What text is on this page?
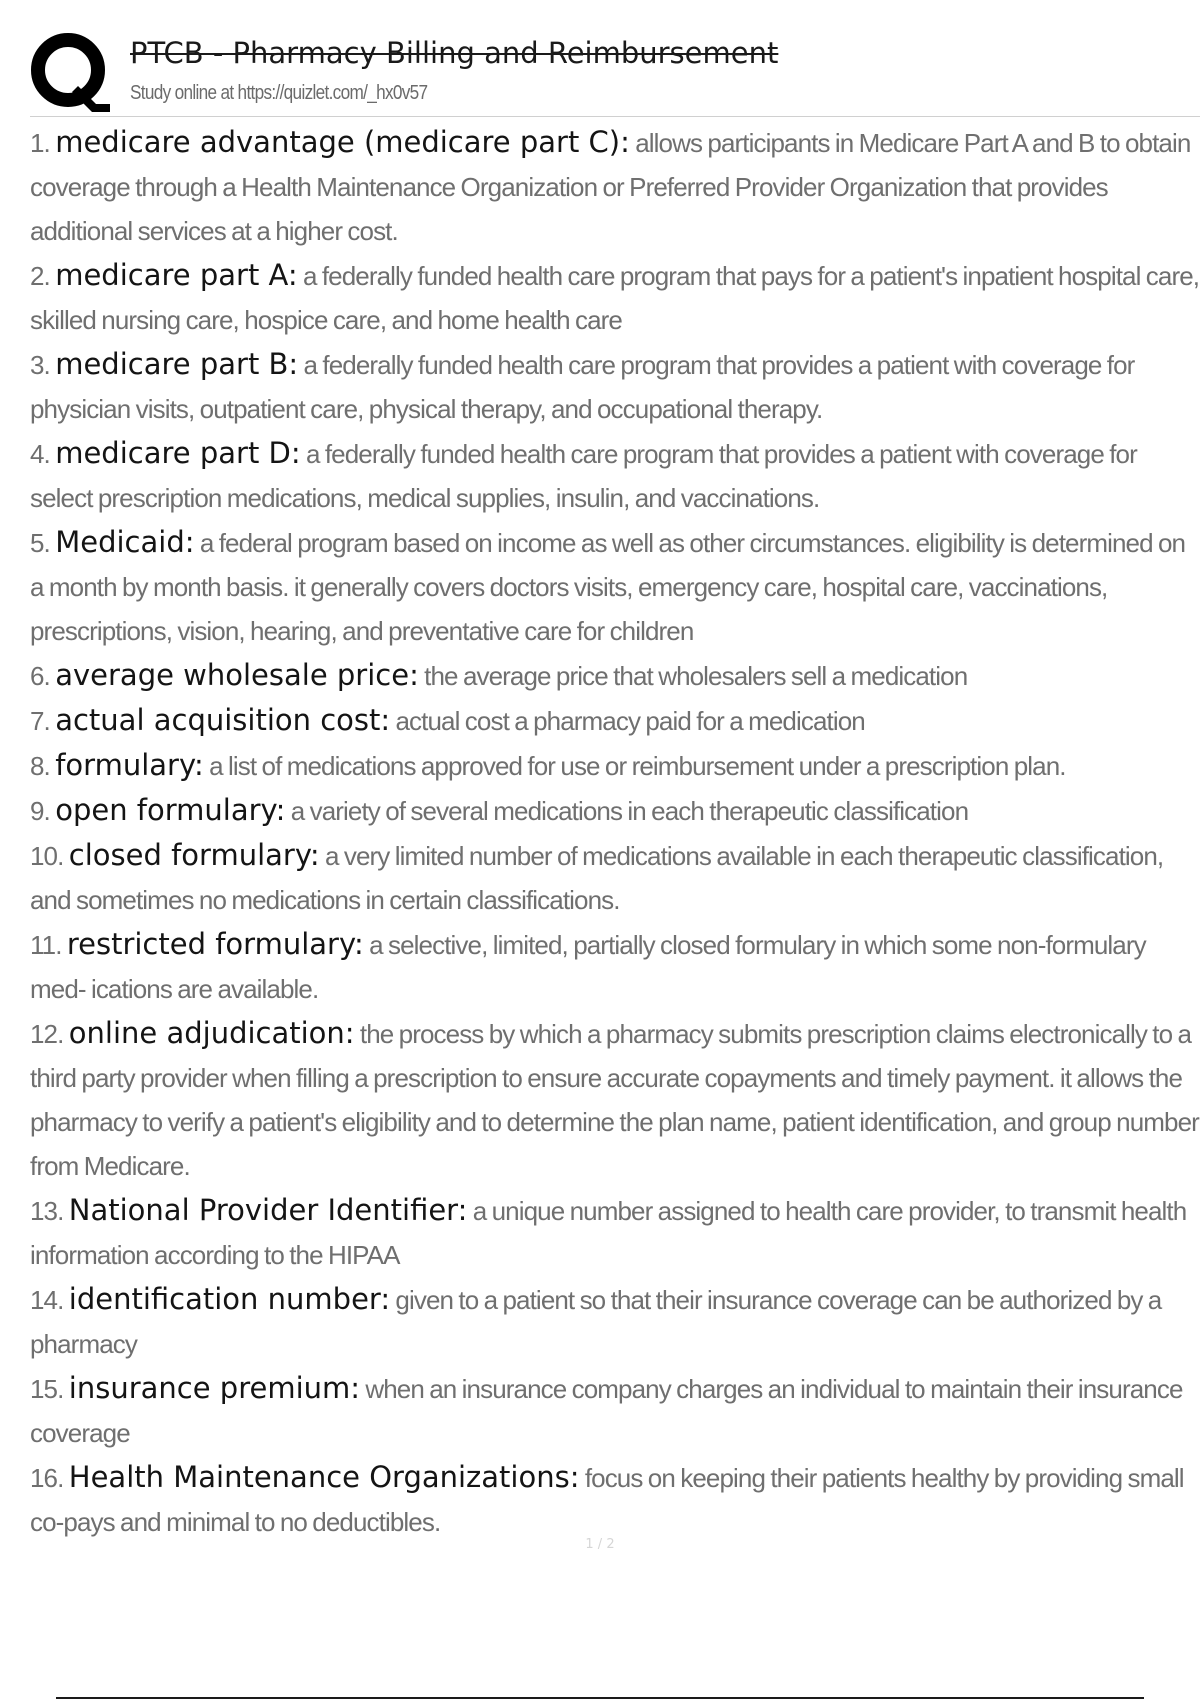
PTCB - Pharmacy Billing and Reimbursement
Study online at https://quizlet.com/_hx0v57
1. medicare advantage (medicare part C): allows participants in Medicare Part A and B to obtain coverage through a Health Maintenance Organization or Preferred Provider Organization that provides additional services at a higher cost.
2. medicare part A: a federally funded health care program that pays for a patient's inpatient hospital care, skilled nursing care, hospice care, and home health care
3. medicare part B: a federally funded health care program that provides a patient with coverage for physician visits, outpatient care, physical therapy, and occupational therapy.
4. medicare part D: a federally funded health care program that provides a patient with coverage for select prescription medications, medical supplies, insulin, and vaccinations.
5. Medicaid: a federal program based on income as well as other circumstances. eligibility is determined on a month by month basis. it generally covers doctors visits, emergency care, hospital care, vaccinations, prescriptions, vision, hearing, and preventative care for children
6. average wholesale price: the average price that wholesalers sell a medication
7. actual acquisition cost: actual cost a pharmacy paid for a medication
8. formulary: a list of medications approved for use or reimbursement under a prescription plan.
9. open formulary: a variety of several medications in each therapeutic classification
10. closed formulary: a very limited number of medications available in each therapeutic classification, and sometimes no medications in certain classifications.
11. restricted formulary: a selective, limited, partially closed formulary in which some non-formulary med- ications are available.
12. online adjudication: the process by which a pharmacy submits prescription claims electronically to a third party provider when filling a prescription to ensure accurate copayments and timely payment. it allows the pharmacy to verify a patient's eligibility and to determine the plan name, patient identification, and group number from Medicare.
13. National Provider Identifier: a unique number assigned to health care provider, to transmit health information according to the HIPAA
14. identification number: given to a patient so that their insurance coverage can be authorized by a pharmacy
15. insurance premium: when an insurance company charges an individual to maintain their insurance coverage
16. Health Maintenance Organizations: focus on keeping their patients healthy by providing small co-pays and minimal to no deductibles.
1 / 2
